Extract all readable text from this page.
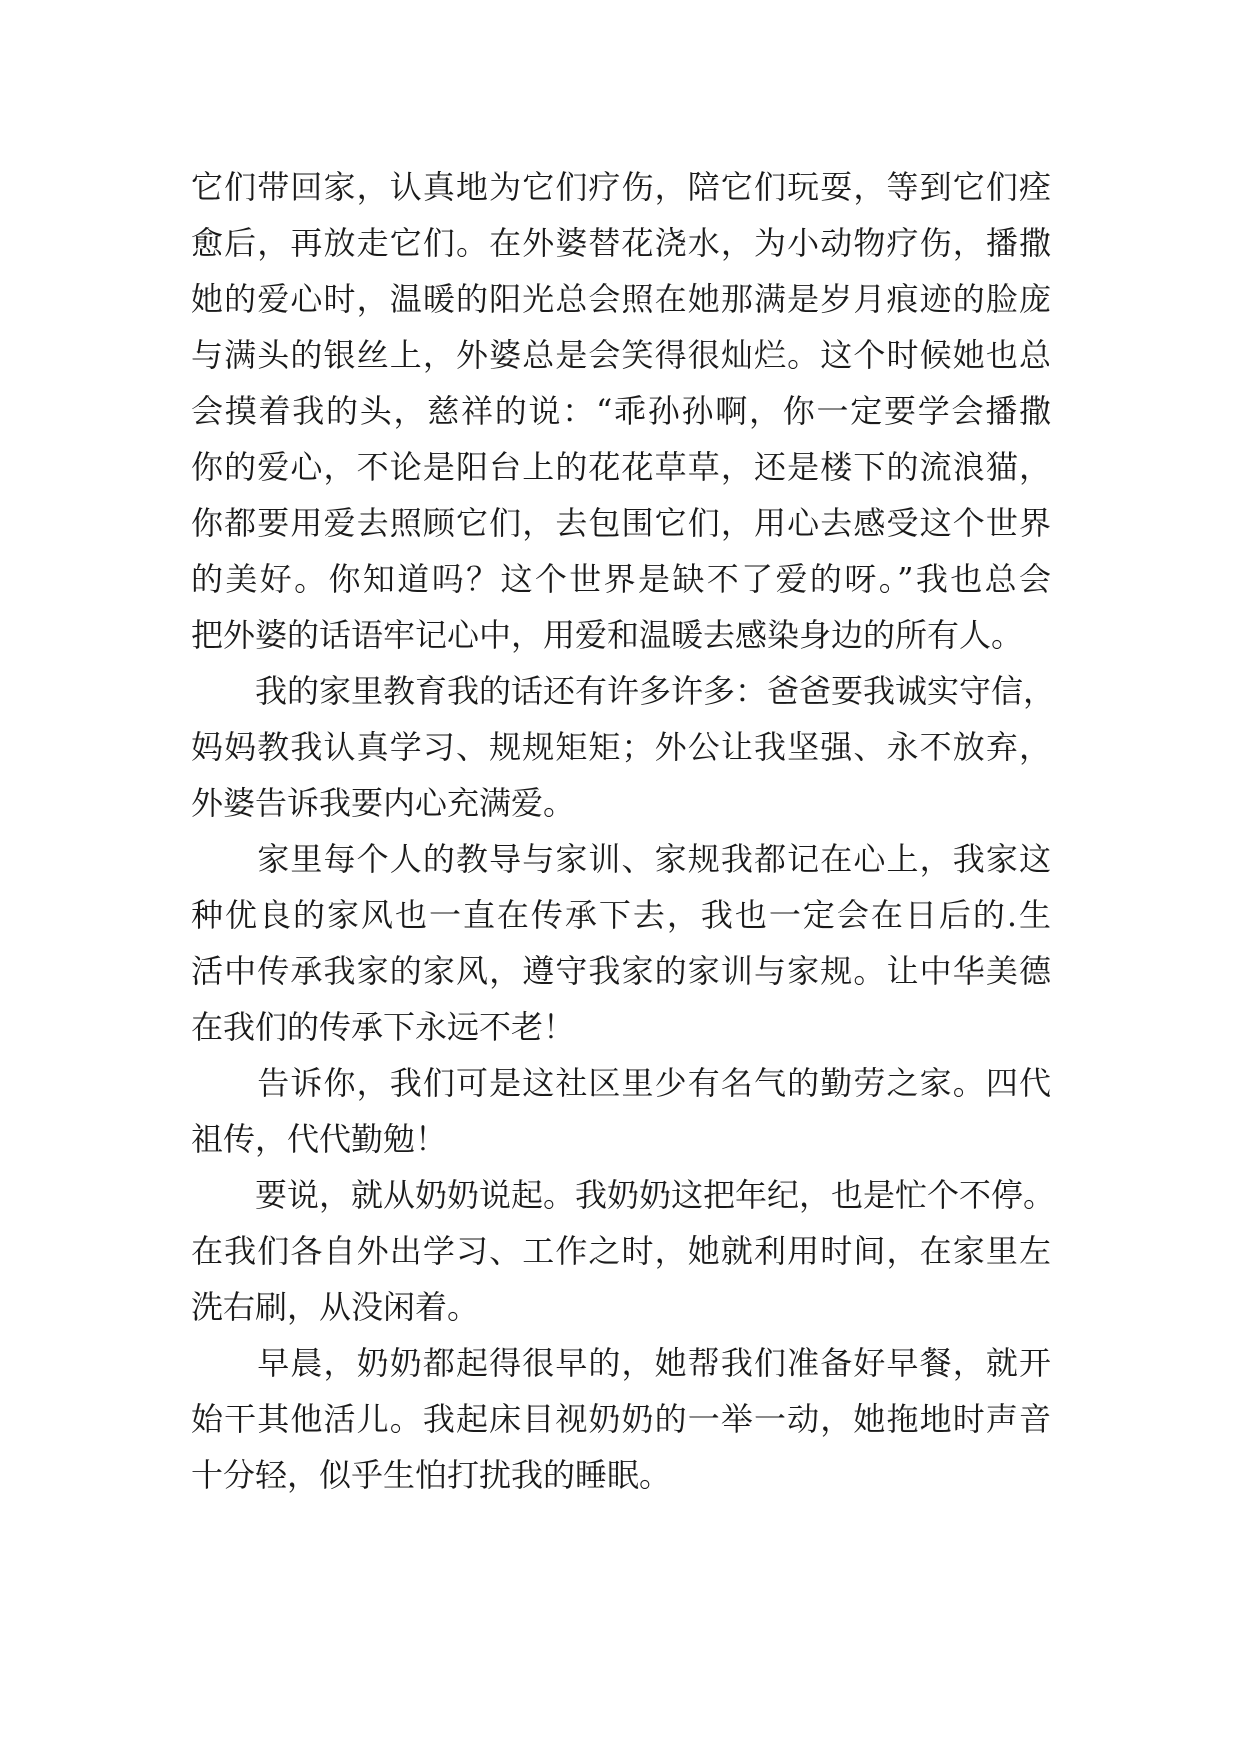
它们带回家，认真地为它们疗伤，陪它们玩耍，等到它们痊
愈后，再放走它们。在外婆替花浇水，为小动物疗伤，播撒
她的爱心时，温暖的阳光总会照在她那满是岁月痕迹的脸庞
与满头的银丝上，外婆总是会笑得很灿烂。这个时候她也总
会摸着我的头，慈祥的说：“乖孙孙啊，你一定要学会播撒
你的爱心，不论是阳台上的花花草草，还是楼下的流浪猫，
你都要用爱去照顾它们，去包围它们，用心去感受这个世界
的美好。你知道吗？这个世界是缺不了爱的呀。”我也总会
把外婆的话语牢记心中，用爱和温暖去感染身边的所有人。
　　我的家里教育我的话还有许多许多：爸爸要我诚实守信，
妈妈教我认真学习、规规矩矩；外公让我坚强、永不放弃，
外婆告诉我要内心充满爱。
　　家里每个人的教导与家训、家规我都记在心上，我家这
种优良的家风也一直在传承下去，我也一定会在日后的.生
活中传承我家的家风，遵守我家的家训与家规。让中华美德
在我们的传承下永远不老！
　　告诉你，我们可是这社区里少有名气的勤劳之家。四代
祖传，代代勤勉！
　　要说，就从奶奶说起。我奶奶这把年纪，也是忙个不停。
在我们各自外出学习、工作之时，她就利用时间，在家里左
洗右刷，从没闲着。
　　早晨，奶奶都起得很早的，她帮我们准备好早餐，就开
始干其他活儿。我起床目视奶奶的一举一动，她拖地时声音
十分轻，似乎生怕打扰我的睡眠。
